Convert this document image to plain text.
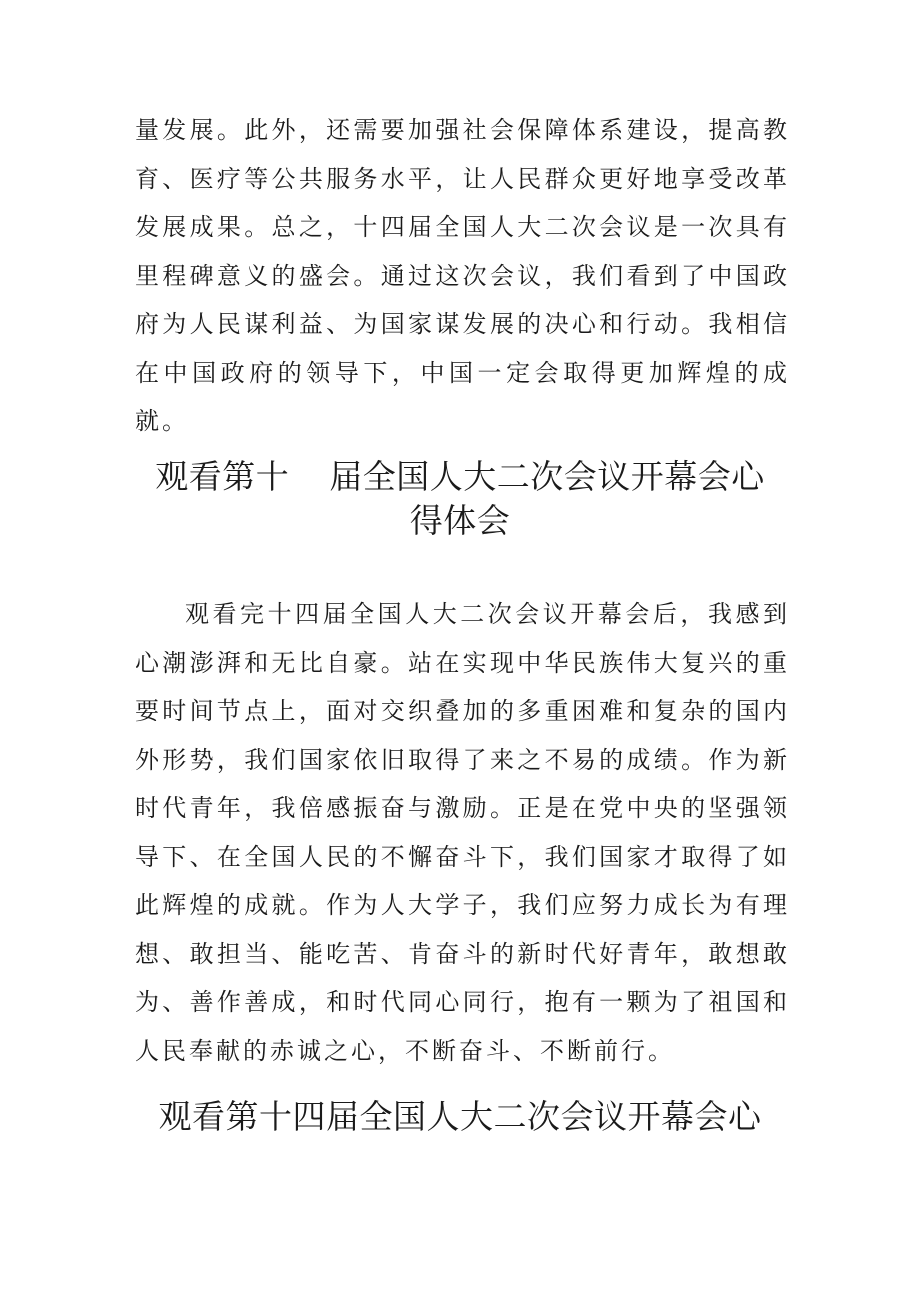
量发展。此外，还需要加强社会保障体系建设，提高教育、医疗等公共服务水平，让人民群众更好地享受改革发展成果。总之，十四届全国人大二次会议是一次具有里程碑意义的盛会。通过这次会议，我们看到了中国政府为人民谋利益、为国家谋发展的决心和行动。我相信在中国政府的领导下，中国一定会取得更加辉煌的成就。

观看第十 届全国人大二次会议开幕会心
得体会

观看完十四届全国人大二次会议开幕会后，我感到心潮澎湃和无比自豪。站在实现中华民族伟大复兴的重要时间节点上，面对交织叠加的多重困难和复杂的国内外形势，我们国家依旧取得了来之不易的成绩。作为新时代青年，我倍感振奋与激励。正是在党中央的坚强领导下、在全国人民的不懈奋斗下，我们国家才取得了如此辉煌的成就。作为人大学子，我们应努力成长为有理想、敢担当、能吃苦、肯奋斗的新时代好青年，敢想敢为、善作善成，和时代同心同行，抱有一颗为了祖国和人民奉献的赤诚之心，不断奋斗、不断前行。

观看第十四届全国人大二次会议开幕会心
